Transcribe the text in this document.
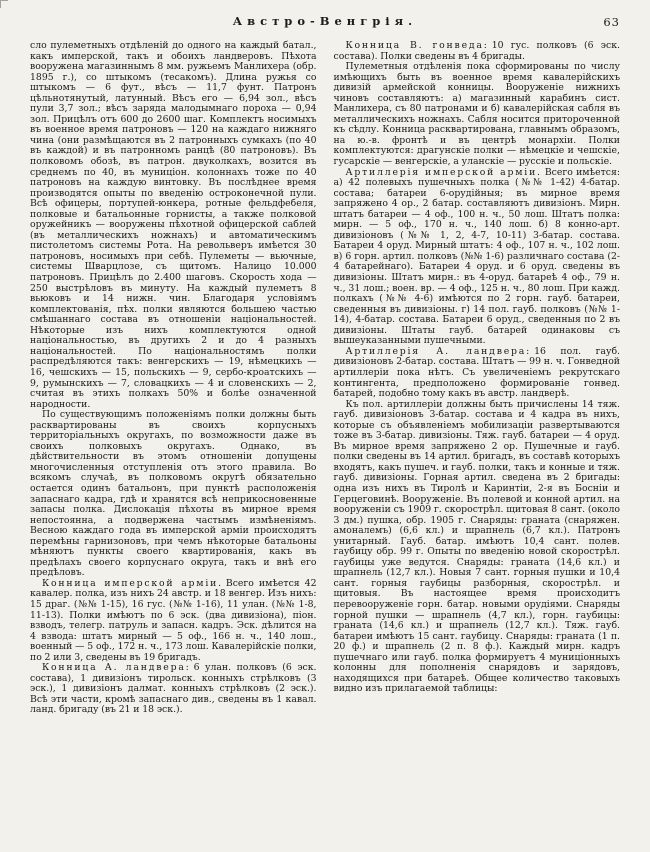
Австро-Венгрія.	63

сло пулеметныхъ отдѣленій до одного на каждый батал., какъ имперской, такъ и обоихъ ландверовъ. Пѣхота вооружена магазиннымъ 8 мм. ружьемъ Манлихера (обр. 1895 г.), со штыкомъ (тесакомъ). Длина ружья со штыкомъ — 6 фут., вѣсъ — 11,7 фунт. Патронъ цѣльнотянутый, латунный. Вѣсъ его — 6,94 зол., вѣсъ пули 3,7 зол.; вѣсъ заряда малодымнаго пороха — 0,94 зол. Прицѣлъ отъ 600 до 2600 шаг. Комплектъ носимыхъ въ военное время патроновъ — 120 на каждаго нижняго чина (они размѣщаются въ 2 патронныхъ сумкахъ (по 40 въ каждой) и въ патронномъ ранцѣ (80 патроновъ). Въ полковомъ обозѣ, въ патрон. двуколкахъ, возится въ среднемъ по 40, въ муниціон. колоннахъ тоже по 40 патроновъ на каждую винтовку. Въ послѣднее время производятся опыты по введенію остроконечной пули. Всѣ офицеры, портупей-юнкера, ротные фельдфебеля, полковые и батальонные горнисты, а также полковой оружейникъ — вооружены пѣхотной офицерской саблей (въ металлическихъ ножнахъ) и автоматическимъ пистолетомъ системы Рота. На револьверъ имѣется 30 патроновъ, носимыхъ при себѣ. Пулеметы — вьючные, системы Шварцлозе, съ щитомъ. Налицо 10.000 патроновъ. Прицѣлъ до 2.400 шаговъ. Скорость хода — 250 выстрѣловъ въ минуту. На каждый пулеметъ 8 вьюковъ и 14 нижн. чин. Благодаря условіямъ комплектованія, пѣх. полки являются большею частью смѣшаннаго состава въ отношеніи національностей. Нѣкоторые изъ нихъ комплектуются одной національностью, въ другихъ 2 и до 4 разныхъ національностей. По національностямъ полки распредѣляются такъ: венгерскихъ — 19, нѣмецкихъ — 16, чешскихъ — 15, польскихъ — 9, сербо-кроатскихъ — 9, румынскихъ — 7, словацкихъ — 4 и словенскихъ — 2, считая въ этихъ полкахъ 50% и болѣе означенной народности.

По существующимъ положеніямъ полки должны быть расквартированы въ своихъ корпусныхъ территоріальныхъ округахъ, по возможности даже въ своихъ полковыхъ округахъ. Однако, въ дѣйствительности въ этомъ отношеніи допущены многочисленныя отступленія отъ этого правила. Во всякомъ случаѣ, въ полковомъ округѣ обязательно остается одинъ батальонъ, при пунктѣ расположенія запаснаго кадра, гдѣ и хранятся всѣ неприкосновенные запасы полка. Дислокація пѣхоты въ мирное время непостоянна, а подвержена частымъ измѣненіямъ. Весною каждаго года въ имперской арміи происходятъ перемѣны гарнизоновъ, при чемъ нѣкоторые батальоны мѣняютъ пункты своего квартированія, какъ въ предѣлахъ своего корпуснаго округа, такъ и внѣ его предѣловъ.

Конница имперской арміи. Всего имѣется 42 кавалер. полка, изъ нихъ 24 австр. и 18 венгер. Изъ нихъ: 15 драг. (№№ 1-15), 16 гус. (№№ 1-16), 11 улан. (№№ 1-8, 11-13). Полки имѣютъ по 6 эск. (два дивизіона), піон. взводъ, телегр. патруль и запасн. кадръ. Эск. дѣлится на 4 взвода: штатъ мирный — 5 оф., 166 н. ч., 140 лош., военный — 5 оф., 172 н. ч., 173 лош. Кавалерійскіе полки, по 2 или 3, сведены въ 19 бригадъ.

Конница А. ландвера: 6 улан. полковъ (6 эск. состава), 1 дивизіонъ тирольск. конныхъ стрѣлковъ (3 эск.), 1 дивизіонъ далмат. конныхъ стрѣлковъ (2 эск.). Всѣ эти части, кромѣ запаснаго див., сведены въ 1 кавал. ланд. бригаду (въ 21 и 18 эск.).

Конница В. гонведа: 10 гус. полковъ (6 эск. состава). Полки сведены въ 4 бригады.

Пулеметныя отдѣленія пока сформированы по числу имѣющихъ быть въ военное время кавалерійскихъ дивизій армейской конницы. Вооруженіе нижнихъ чиновъ составляютъ: а) магазинный карабинъ сист. Манлихера, съ 80 патронами и б) кавалерійская сабля въ металлическихъ ножнахъ. Сабля носится притороченной къ сѣдлу. Конница расквартирована, главнымъ образомъ, на ю.-в. фронтѣ и въ центрѣ монархіи. Полки комплектуются: драгунскіе полки — нѣмецкіе и чешскіе, гусарскіе — венгерскіе, а уланскіе — русскіе и польскіе.

Артиллерія имперской арміи. Всего имѣется: а) 42 полевыхъ пушечныхъ полка (№№ 1-42) 4-батар. состава; батареи 6-орудійныя; въ мирное время запряжено 4 ор., 2 батар. составляютъ дивизіонъ. Мирн. штатъ батареи — 4 оф., 100 н. ч., 50 лош. Штатъ полка: мирн. — 5 оф., 170 н. ч., 140 лош. б) 8 конно-арт. дивизіоновъ (№№ 1, 2, 4-7, 10-11) 3-батар. состава. Батареи 4 оруд. Мирный штатъ: 4 оф., 107 н. ч., 102 лош. в) 6 горн. артил. полковъ (№№ 1-6) различнаго состава (2-4 батарейнаго). Батареи 4 оруд. и 6 оруд. сведены въ дивизіоны. Штатъ мирн.: въ 4-оруд. батареѣ 4 оф., 79 н. ч., 31 лош.; воен. вр. — 4 оф., 125 н. ч., 80 лош. При кажд. полкахъ (№№ 4-6) имѣются по 2 горн. гауб. батареи, сведенныя въ дивизіоны. г) 14 пол. гауб. полковъ (№№ 1-14), 4-батар. состава. Батареи 6 оруд., сведенныя по 2 въ дивизіоны. Штаты гауб. батарей одинаковы съ вышеуказанными пушечными.

Артиллерія А. ландвера: 16 пол. гауб. дивизіоновъ 2-батар. состава. Штатъ — 99 н. ч. Гонведной артиллеріи пока нѣтъ. Съ увеличеніемъ рекрутскаго контингента, предположено формированіе гонвед. батарей, подобно тому какъ въ австр. ландверѣ.

Къ пол. артиллеріи должны быть причислены 14 тяж. гауб. дивизіоновъ 3-батар. состава и 4 кадра въ нихъ, которые съ объявленіемъ мобилизаціи развертываются тоже въ 3-батар. дивизіоны. Тяж. гауб. батареи — 4 оруд. Въ мирное время запряжено 2 ор. Пушечные и гауб. полки сведены въ 14 артил. бригадъ, въ составѣ которыхъ входятъ, какъ пушеч. и гауб. полки, такъ и конные и тяж. гауб. дивизіоны. Горная артил. сведена въ 2 бригады: одна изъ нихъ въ Тиролѣ и Каринтіи, 2-я въ Босніи и Герцеговинѣ. Вооруженіе. Въ полевой и конной артил. на вооруженіи съ 1909 г. скорострѣл. щитовая 8 сант. (около 3 дм.) пушка, обр. 1905 г. Снаряды: граната (снаряжен. амоналемъ) (6,6 кл.) и шрапнель (6,7 кл.). Патронъ унитарный. Гауб. батар. имѣютъ 10,4 сант. полев. гаубицу обр. 99 г. Опыты по введенію новой скорострѣл. гаубицы уже ведутся. Снаряды: граната (14,6 кл.) и шрапнель (12,7 кл.). Новыя 7 сант. горныя пушки и 10,4 сант. горныя гаубицы разборныя, скорострѣл. и щитовыя. Въ настоящее время происходитъ перевооруженіе горн. батар. новыми орудіями. Снаряды горной пушки — шрапнель (4,7 кл.), горн. гаубицы: граната (14,6 кл.) и шрапнель (12,7 кл.). Тяж. гауб. батареи имѣютъ 15 сант. гаубицу. Снаряды: граната (1 п. 20 ф.) и шрапнель (2 п. 8 ф.). Каждый мирн. кадръ пушечнаго или гауб. полка формируетъ 4 муниціонныхъ колонны для пополненія снарядовъ и зарядовъ, находящихся при батареѣ. Общее количество таковыхъ видно изъ прилагаемой таблицы:
